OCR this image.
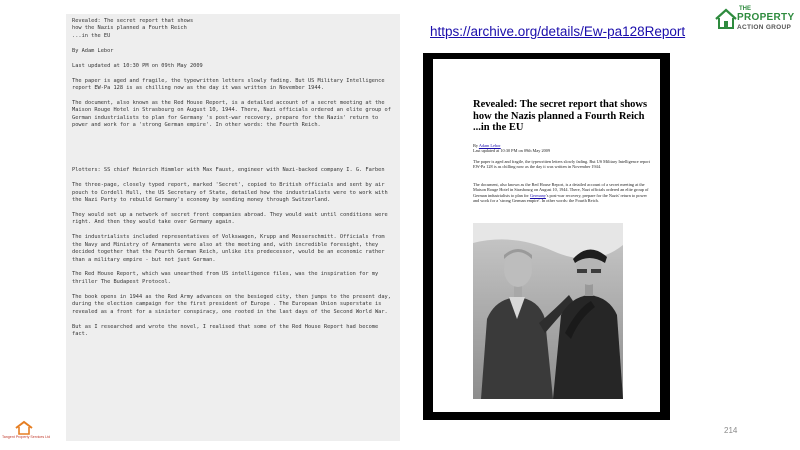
Revealed: The secret report that shows
how the Nazis planned a Fourth Reich
...in the EU

By Adam Lebor

Last updated at 10:30 PM on 09th May 2009

The paper is aged and fragile, the typewritten letters slowly fading. But US Military Intelligence report EW-Pa 128 is as chilling now as the day it was written in November 1944.

The document, also known as the Red House Report, is a detailed account of a secret meeting at the Maison Rouge Hotel in Strasbourg on August 10, 1944. There, Nazi officials ordered an elite group of German industrialists to plan for Germany 's post-war recovery, prepare for the Nazis' return to power and work for a 'strong German empire'. In other words: the Fourth Reich.

Plotters: SS chief Heinrich Himmler with Max Faust, engineer with Nazi-backed company I. G. Farben

The three-page, closely typed report, marked 'Secret', copied to British officials and sent by air pouch to Cordell Hull, the US Secretary of State, detailed how the industrialists were to work with the Nazi Party to rebuild Germany's economy by sending money through Switzerland.

They would set up a network of secret front companies abroad. They would wait until conditions were right. And then they would take over Germany again.

The industrialists included representatives of Volkswagen, Krupp and Messerschmitt. Officials from the Navy and Ministry of Armaments were also at the meeting and, with incredible foresight, they decided together that the Fourth German Reich, unlike its predecessor, would be an economic rather than a military empire - but not just German.

The Red House Report, which was unearthed from US intelligence files, was the inspiration for my thriller The Budapest Protocol.

The book opens in 1944 as the Red Army advances on the besieged city, then jumps to the present day, during the election campaign for the first president of Europe . The European Union superstate is revealed as a front for a sinister conspiracy, one rooted in the last days of the Second World War.

But as I researched and wrote the novel, I realised that some of the Red House Report had become fact.

https://archive.org/details/Ew-pa128Report
THE
PROPERTY
ACTION GROUP
Revealed: The secret report that shows how the Nazis planned a Fourth Reich ...in the EU
By Adam Lebor
Last updated at 10:30 PM on 09th May 2009

The paper is aged and fragile, the typewritten letters slowly fading. But US Military Intelligence report EW-Pa 128 is as chilling now as the day it was written in November 1944.

The document, also known as the Red House Report, is a detailed account of a secret meeting at the Maison Rouge Hotel in Strasbourg on August 10, 1944. There, Nazi officials ordered an elite group of German industrialists to plan for Germany's post-war recovery, prepare for the Nazis' return to power and work for a 'strong German empire'. In other words: the Fourth Reich.

Tangent Property Services Ltd
214
